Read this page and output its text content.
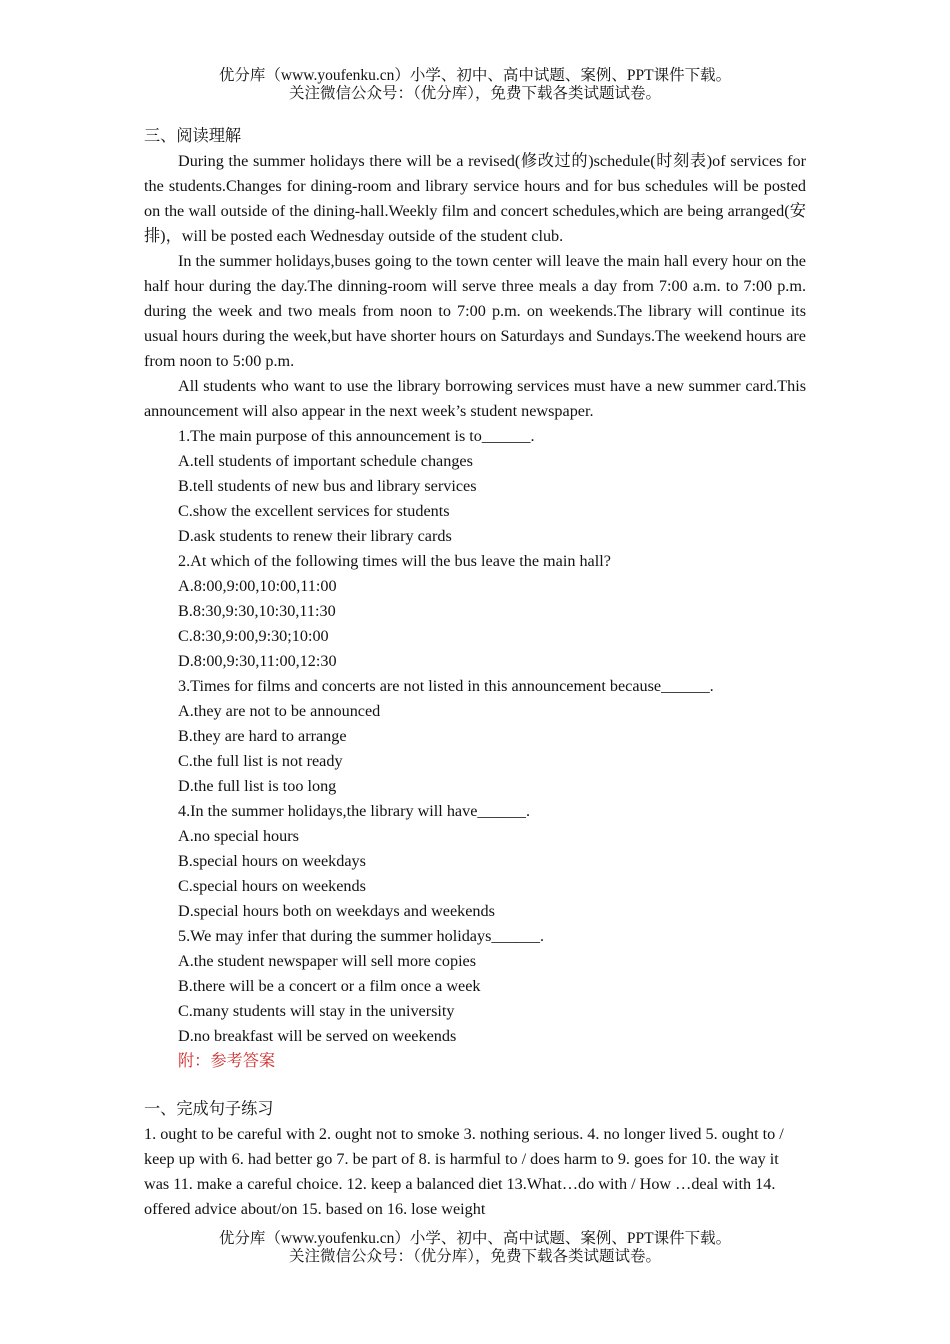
优分库（www.youfenku.cn）小学、初中、高中试题、案例、PPT课件下载。
关注微信公众号：（优分库），免费下载各类试题试卷。
三、阅读理解

During the summer holidays there will be a revised(修改过的)schedule(时刻表)of services for the students.Changes for dining-room and library service hours and for bus schedules will be posted on the wall outside of the dining-hall.Weekly film and concert schedules,which are being arranged(安排)，will be posted each Wednesday outside of the student club.

In the summer holidays,buses going to the town center will leave the main hall every hour on the half hour during the day.The dinning-room will serve three meals a day from 7:00 a.m. to 7:00 p.m. during the week and two meals from noon to 7:00 p.m. on weekends.The library will continue its usual hours during the week,but have shorter hours on Saturdays and Sundays.The weekend hours are from noon to 5:00 p.m.

All students who want to use the library borrowing services must have a new summer card.This announcement will also appear in the next week’s student newspaper.

1.The main purpose of this announcement is to______.
A.tell students of important schedule changes
B.tell students of new bus and library services
C.show the excellent services for students
D.ask students to renew their library cards
2.At which of the following times will the bus leave the main hall?
A.8:00,9:00,10:00,11:00
B.8:30,9:30,10:30,11:30
C.8:30,9:00,9:30;10:00
D.8:00,9:30,11:00,12:30
3.Times for films and concerts are not listed in this announcement because______.
A.they are not to be announced
B.they are hard to arrange
C.the full list is not ready
D.the full list is too long
4.In the summer holidays,the library will have______.
A.no special hours
B.special hours on weekdays
C.special hours on weekends
D.special hours both on weekdays and weekends
5.We may infer that during the summer holidays______.
A.the student newspaper will sell more copies
B.there will be a concert or a film once a week
C.many students will stay in the university
D.no breakfast will be served on weekends
附：参考答案
一、完成句子练习

1. ought to be careful with 2. ought not to smoke 3. nothing serious. 4. no longer lived 5. ought to / keep up with 6. had better go 7. be part of 8. is harmful to / does harm to 9. goes for 10. the way it was 11. make a careful choice. 12. keep a balanced diet 13.What…do with / How …deal with 14. offered advice about/on 15. based on 16. lose weight

优分库（www.youfenku.cn）小学、初中、高中试题、案例、PPT课件下载。
关注微信公众号：（优分库），免费下载各类试题试卷。
